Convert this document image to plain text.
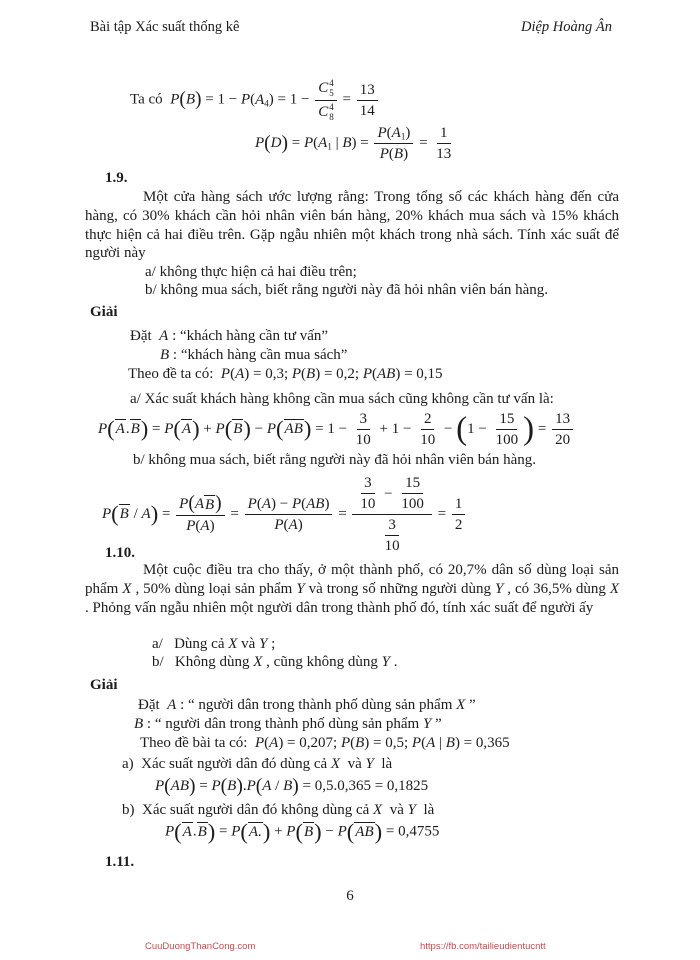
Bài tập Xác suất thống kê	Diệp Hoàng Ân
Ta có  P(B) = 1 − P(A4) = 1 − C 4
5
C 4
$8 = \frac{13}{14}$
P(D) = P(A1 | $B) = \frac{P ( A1 )}{P ( B )} = \frac{1}{13}$
1.9.
Một cửa hàng sách ước lượng rằng: Trong tổng số các khách hàng đến cửa hàng, có 30% khách cần hỏi nhân viên bán hàng, 20% khách mua sách và 15% khách thực hiện cả hai điều trên. Gặp ngẫu nhiên một khách trong nhà sách. Tính xác suất để người này
a/ không thực hiện cả hai điều trên;
b/ không mua sách, biết rằng người này đã hỏi nhân viên bán hàng.
Giải
Đặt  A : “khách hàng cần tư vấn”
B : “khách hàng cần mua sách”
Theo đề ta có:  P(A) = 0,3; P(B) = 0,2; P(AB) = 0,15
a/ Xác suất khách hàng không cần mua sách cũng không cần tư vấn là:
$P(A.B) = P(A) + P(B) - P(AB) = 1 - \frac{3}{10} + 1 - \frac{2}{10} - (1 - \frac{15}{100}$ ) = $\frac{13}{20}$
b/ không mua sách, biết rằng người này đã hỏi nhân viên bán hàng.
$P(B / A) = \frac{\text{P ( A B )}}{P ( A )} = \frac{P ( A ) - P ( AB )}{P ( A )} = \frac{\frac{3}{10} - \frac{15}{100}}{\frac{3}{10}} = \frac{1}{2}$
1.10.
Một cuộc điều tra cho thấy, ở một thành phố, có 20,7% dân số dùng loại sản phẩm X , 50% dùng loại sản phẩm Y và trong số những người dùng Y , có 36,5% dùng X . Phỏng vấn ngẫu nhiên một người dân trong thành phố đó, tính xác suất để người ấy
a/   Dùng cả X và Y ;
b/   Không dùng X , cũng không dùng Y .
Giải
Đặt  A : “ người dân trong thành phố dùng sản phẩm X ”
B : “ người dân trong thành phố dùng sản phẩm Y ”
Theo đề bài ta có:  P(A) = 0,207; P(B) = 0,5; P(A | B) = 0,365
a)  Xác suất người dân đó dùng cả X  và Y  là
P(AB) = P(B).P(A / B) = 0,5.0,365 = 0,1825
b)  Xác suất người dân đó không dùng cả X  và Y  là
P(A.B) = P(A.) + P(B) − P(AB) = 0,4755
1.11.
6
CuuDuongThanCong.com	https://fb.com/tailieudientucntt
